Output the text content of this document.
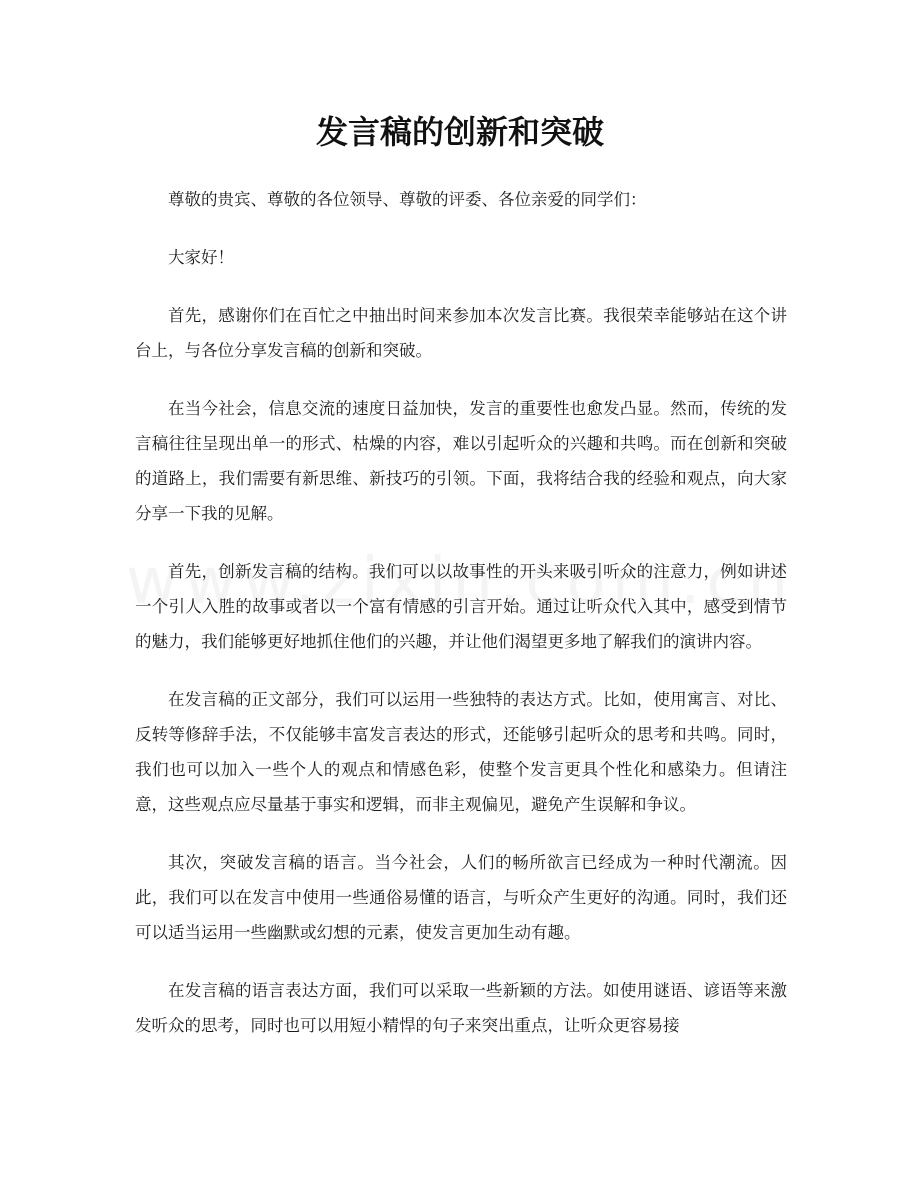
发言稿的创新和突破

尊敬的贵宾、尊敬的各位领导、尊敬的评委、各位亲爱的同学们：

大家好！

首先，感谢你们在百忙之中抽出时间来参加本次发言比赛。我很荣幸能够站在这个讲台上，与各位分享发言稿的创新和突破。

在当今社会，信息交流的速度日益加快，发言的重要性也愈发凸显。然而，传统的发言稿往往呈现出单一的形式、枯燥的内容，难以引起听众的兴趣和共鸣。而在创新和突破的道路上，我们需要有新思维、新技巧的引领。下面，我将结合我的经验和观点，向大家分享一下我的见解。

首先，创新发言稿的结构。我们可以以故事性的开头来吸引听众的注意力，例如讲述一个引人入胜的故事或者以一个富有情感的引言开始。通过让听众代入其中，感受到情节的魅力，我们能够更好地抓住他们的兴趣，并让他们渴望更多地了解我们的演讲内容。

在发言稿的正文部分，我们可以运用一些独特的表达方式。比如，使用寓言、对比、反转等修辞手法，不仅能够丰富发言表达的形式，还能够引起听众的思考和共鸣。同时，我们也可以加入一些个人的观点和情感色彩，使整个发言更具个性化和感染力。但请注意，这些观点应尽量基于事实和逻辑，而非主观偏见，避免产生误解和争议。

其次，突破发言稿的语言。当今社会，人们的畅所欲言已经成为一种时代潮流。因此，我们可以在发言中使用一些通俗易懂的语言，与听众产生更好的沟通。同时，我们还可以适当运用一些幽默或幻想的元素，使发言更加生动有趣。

在发言稿的语言表达方面，我们可以采取一些新颖的方法。如使用谜语、谚语等来激发听众的思考，同时也可以用短小精悍的句子来突出重点，让听众更容易接
